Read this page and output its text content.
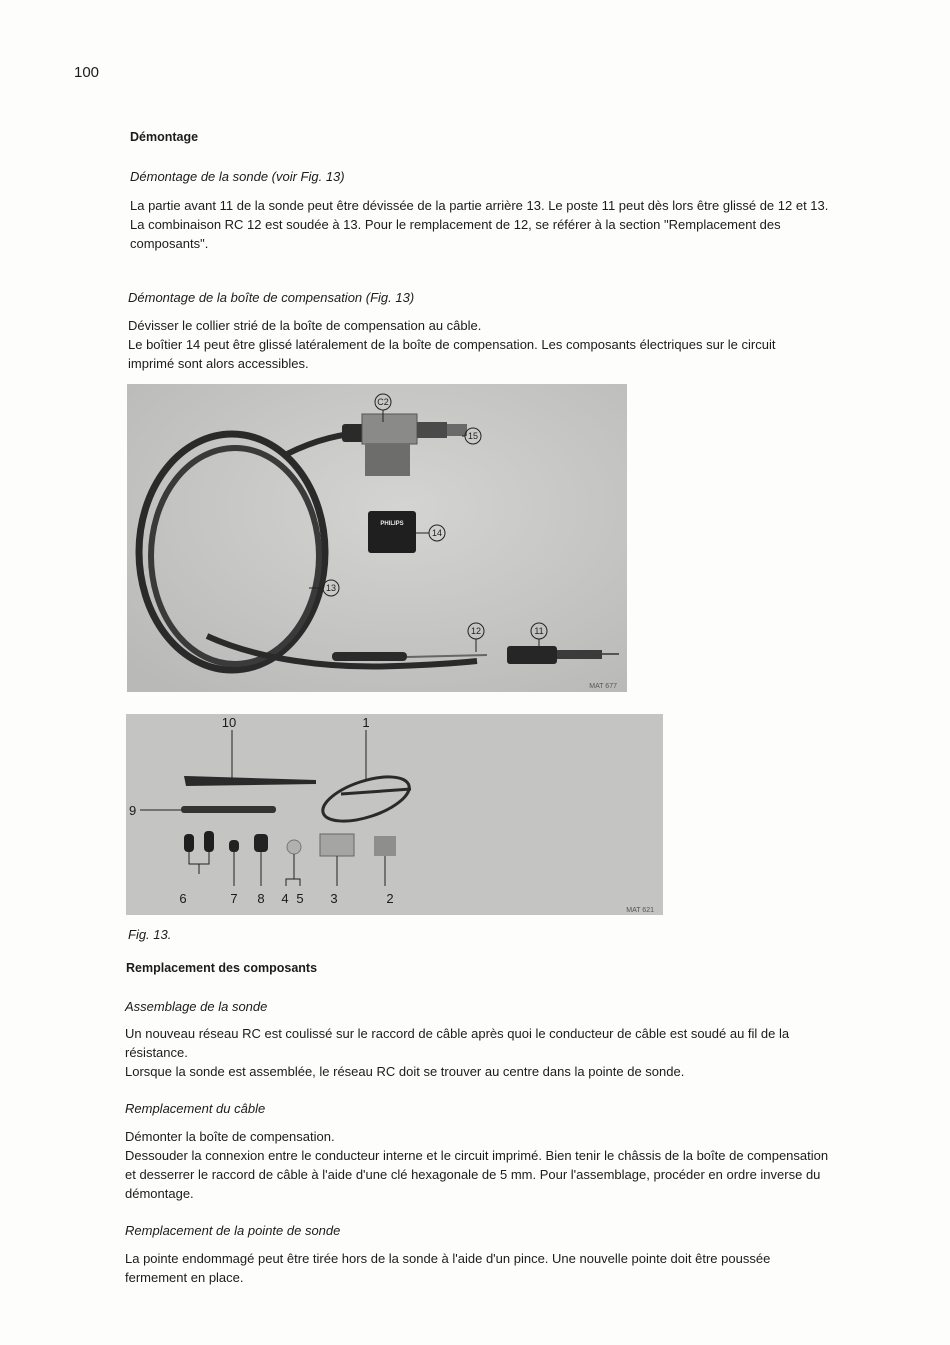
100
Démontage
Démontage de la sonde (voir Fig. 13)

La partie avant 11 de la sonde peut être dévissée de la partie arrière 13. Le poste 11 peut dès lors être glissé de 12 et 13.

La combinaison RC 12 est soudée à 13. Pour le remplacement de 12, se référer à la section "Remplacement des composants".

Démontage de la boîte de compensation (Fig. 13)

Dévisser le collier strié de la boîte de compensation au câble.

Le boîtier 14 peut être glissé latéralement de la boîte de compensation. Les composants électriques sur le circuit imprimé sont alors accessibles.

PHILIPS
C2
15
14
13
12	11
MAT 677
10	1
9
6	7 8 4 5 3	2
MAT 621
Fig. 13.
Remplacement des composants
Assemblage de la sonde

Un nouveau réseau RC est coulissé sur le raccord de câble après quoi le conducteur de câble est soudé au fil de la résistance.

Lorsque la sonde est assemblée, le réseau RC doit se trouver au centre dans la pointe de sonde.

Remplacement du câble

Démonter la boîte de compensation.

Dessouder la connexion entre le conducteur interne et le circuit imprimé. Bien tenir le châssis de la boîte de compensation et desserrer le raccord de câble à l'aide d'une clé hexagonale de 5 mm. Pour l'assemblage, procéder en ordre inverse du démontage.

Remplacement de la pointe de sonde

La pointe endommagé peut être tirée hors de la sonde à l'aide d'un pince. Une nouvelle pointe doit être poussée fermement en place.
